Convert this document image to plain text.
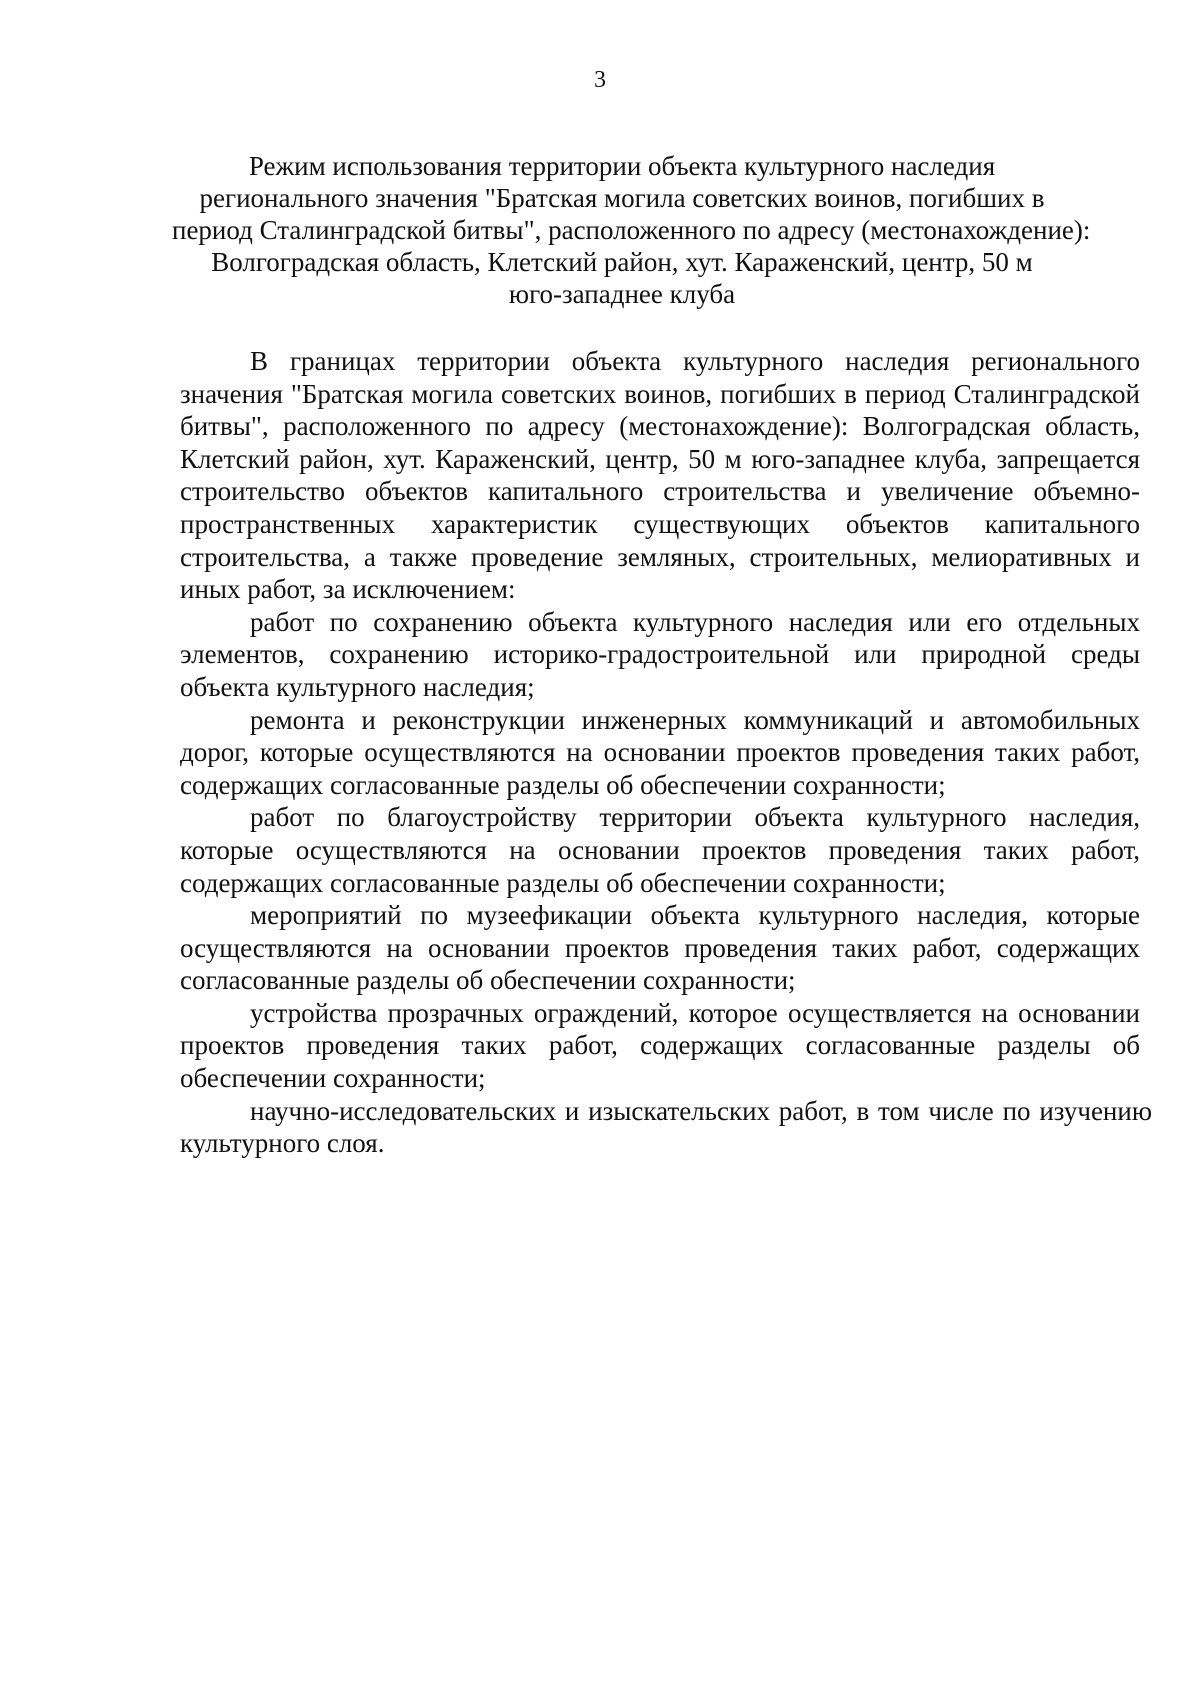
3
Режим использования территории объекта культурного наследия
регионального значения "Братская могила советских воинов, погибших в
период Сталинградской битвы", расположенного по адресу (местонахождение):
Волгоградская область, Клетский район, хут. Караженский, центр, 50 м
юго-западнее клуба

В границах территории объекта культурного наследия регионального значения "Братская могила советских воинов, погибших в период Сталинградской битвы", расположенного по адресу (местонахождение): Волгоградская область, Клетский район, хут. Караженский, центр, 50 м юго-западнее клуба, запрещается строительство объектов капитального строительства и увеличение объемно-пространственных характеристик существующих объектов капитального строительства, а также проведение земляных, строительных, мелиоративных и иных работ, за исключением:

работ по сохранению объекта культурного наследия или его отдельных элементов, сохранению историко-градостроительной или природной среды объекта культурного наследия;

ремонта и реконструкции инженерных коммуникаций и автомобильных дорог, которые осуществляются на основании проектов проведения таких работ, содержащих согласованные разделы об обеспечении сохранности;

работ по благоустройству территории объекта культурного наследия, которые осуществляются на основании проектов проведения таких работ, содержащих согласованные разделы об обеспечении сохранности;

мероприятий по музеефикации объекта культурного наследия, которые осуществляются на основании проектов проведения таких работ, содержащих согласованные разделы об обеспечении сохранности;

устройства прозрачных ограждений, которое осуществляется на основании проектов проведения таких работ, содержащих согласованные разделы об обеспечении сохранности;

научно-исследовательских и изыскательских работ, в том числе по изучению культурного слоя.
